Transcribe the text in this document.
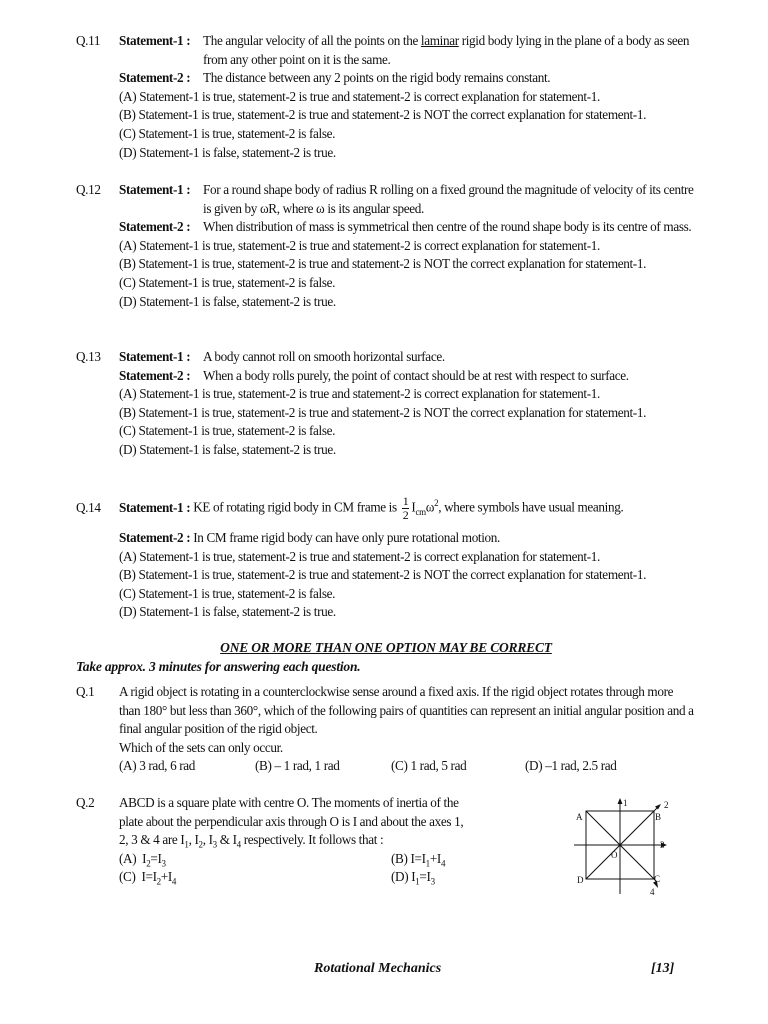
Q.11	Statement-1 : The angular velocity of all the points on the laminar rigid body lying in the plane of a body as seen from any other point on it is the same.
Statement-2 : The distance between any 2 points on the rigid body remains constant.
(A) Statement-1 is true, statement-2 is true and statement-2 is correct explanation for statement-1.
(B) Statement-1 is true, statement-2 is true and statement-2 is NOT the correct explanation for statement-1.
(C) Statement-1 is true, statement-2 is false.
(D) Statement-1 is false, statement-2 is true.
Q.12	Statement-1 : For a round shape body of radius R rolling on a fixed ground the magnitude of velocity of its centre is given by ωR, where ω is its angular speed.
Statement-2 : When distribution of mass is symmetrical then centre of the round shape body is its centre of mass.
(A) Statement-1 is true, statement-2 is true and statement-2 is correct explanation for statement-1.
(B) Statement-1 is true, statement-2 is true and statement-2 is NOT the correct explanation for statement-1.
(C) Statement-1 is true, statement-2 is false.
(D) Statement-1 is false, statement-2 is true.
Q.13	Statement-1 : A body cannot roll on smooth horizontal surface.
Statement-2 : When a body rolls purely, the point of contact should be at rest with respect to surface.
(A) Statement-1 is true, statement-2 is true and statement-2 is correct explanation for statement-1.
(B) Statement-1 is true, statement-2 is true and statement-2 is NOT the correct explanation for statement-1.
(C) Statement-1 is true, statement-2 is false.
(D) Statement-1 is false, statement-2 is true.
Q.14	Statement-1 :
KE of rotating rigid body in CM frame is $\frac{1}{2} I_{cm}\omega^2$, where symbols have usual meaning.
Statement-2 : In CM frame rigid body can have only pure rotational motion.
(A) Statement-1 is true, statement-2 is true and statement-2 is correct explanation for statement-1.
(B) Statement-1 is true, statement-2 is true and statement-2 is NOT the correct explanation for statement-1.
(C) Statement-1 is true, statement-2 is false.
(D) Statement-1 is false, statement-2 is true.
ONE OR MORE THAN ONE OPTION MAY BE CORRECT
Take approx. 3 minutes for answering each question.
Q.1	A rigid object is rotating in a counterclockwise sense around a fixed axis. If the rigid object rotates through more than 180° but less than 360°, which of the following pairs of quantities can represent an initial angular position and a final angular position of the rigid object.
Which of the sets can only occur.
(A) 3 rad, 6 rad	(B) – 1 rad, 1 rad	(C) 1 rad, 5 rad	(D) –1 rad, 2.5 rad
Q.2	ABCD is a square plate with centre O. The moments of inertia of the
plate about the perpendicular axis through O is I and about the axes 1,
2, 3 & 4 are $I_1$, $I_2$, $I_3$ & $I_4$ respectively. It follows that :
(A) $I_2=I_3$	(B) $I=I_1+I_4$
(C) $I=I_2+I_4$	(D) $I_1=I_3$
1	2
3
4
A	B
C
D
O
Rotational Mechanics	[13]
